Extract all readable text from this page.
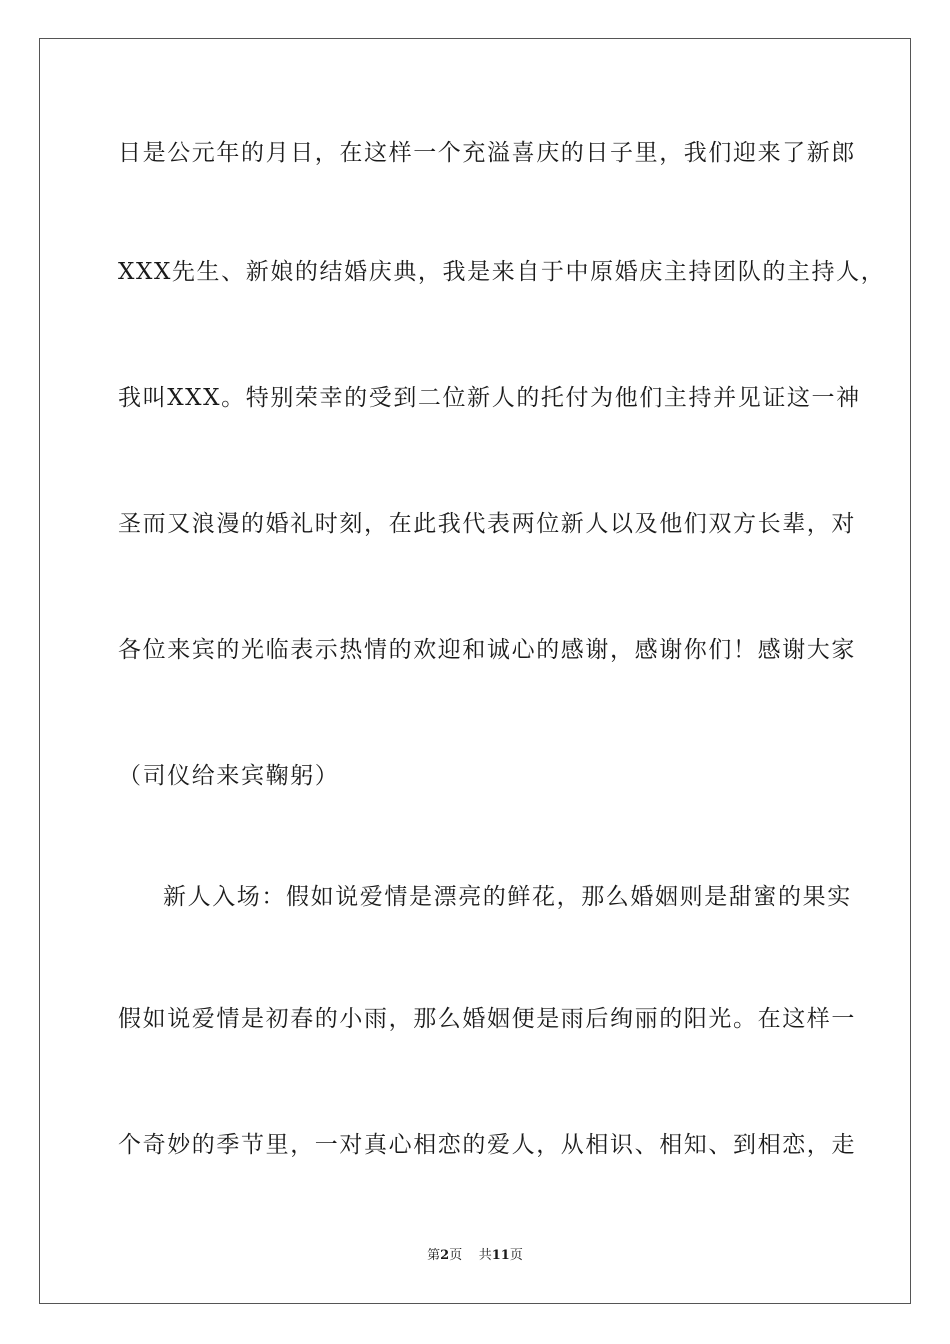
日是公元年的月日，在这样一个充溢喜庆的日子里，我们迎来了新郎
XXX先生、新娘的结婚庆典，我是来自于中原婚庆主持团队的主持人，
我叫XXX。特别荣幸的受到二位新人的托付为他们主持并见证这一神
圣而又浪漫的婚礼时刻，在此我代表两位新人以及他们双方长辈，对
各位来宾的光临表示热情的欢迎和诚心的感谢，感谢你们！感谢大家
（司仪给来宾鞠躬）
新人入场：假如说爱情是漂亮的鲜花，那么婚姻则是甜蜜的果实
假如说爱情是初春的小雨，那么婚姻便是雨后绚丽的阳光。在这样一
个奇妙的季节里，一对真心相恋的爱人，从相识、相知、到相恋，走
第2页 共11页
